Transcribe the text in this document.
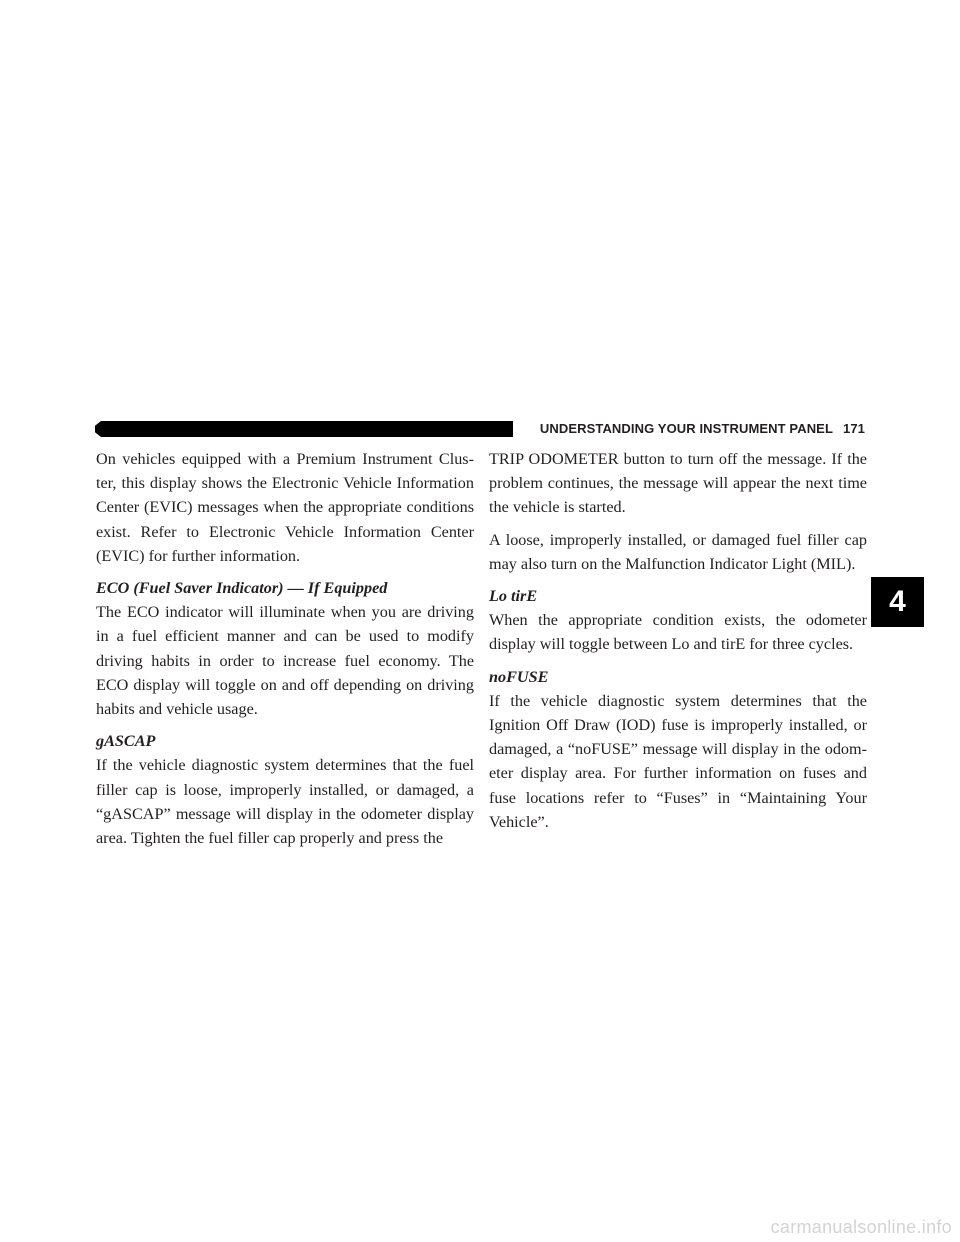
UNDERSTANDING YOUR INSTRUMENT PANEL 171

On vehicles equipped with a Premium Instrument Clus- ter, this display shows the Electronic Vehicle Information Center (EVIC) messages when the appropriate conditions exist. Refer to Electronic Vehicle Information Center (EVIC) for further information.

ECO (Fuel Saver Indicator) — If Equipped

The ECO indicator will illuminate when you are driving in a fuel efficient manner and can be used to modify driving habits in order to increase fuel economy. The ECO display will toggle on and off depending on driving habits and vehicle usage.

gASCAP

If the vehicle diagnostic system determines that the fuel filler cap is loose, improperly installed, or damaged, a “gASCAP” message will display in the odometer display area. Tighten the fuel filler cap properly and press the

TRIP ODOMETER button to turn off the message. If the problem continues, the message will appear the next time the vehicle is started.

A loose, improperly installed, or damaged fuel filler cap may also turn on the Malfunction Indicator Light (MIL).

Lo tirE

When the appropriate condition exists, the odometer display will toggle between Lo and tirE for three cycles.

noFUSE

If the vehicle diagnostic system determines that the Ignition Off Draw (IOD) fuse is improperly installed, or damaged, a “noFUSE” message will display in the odom- eter display area. For further information on fuses and fuse locations refer to “Fuses” in “Maintaining Your Vehicle”.

4
carmanualsonline.info
